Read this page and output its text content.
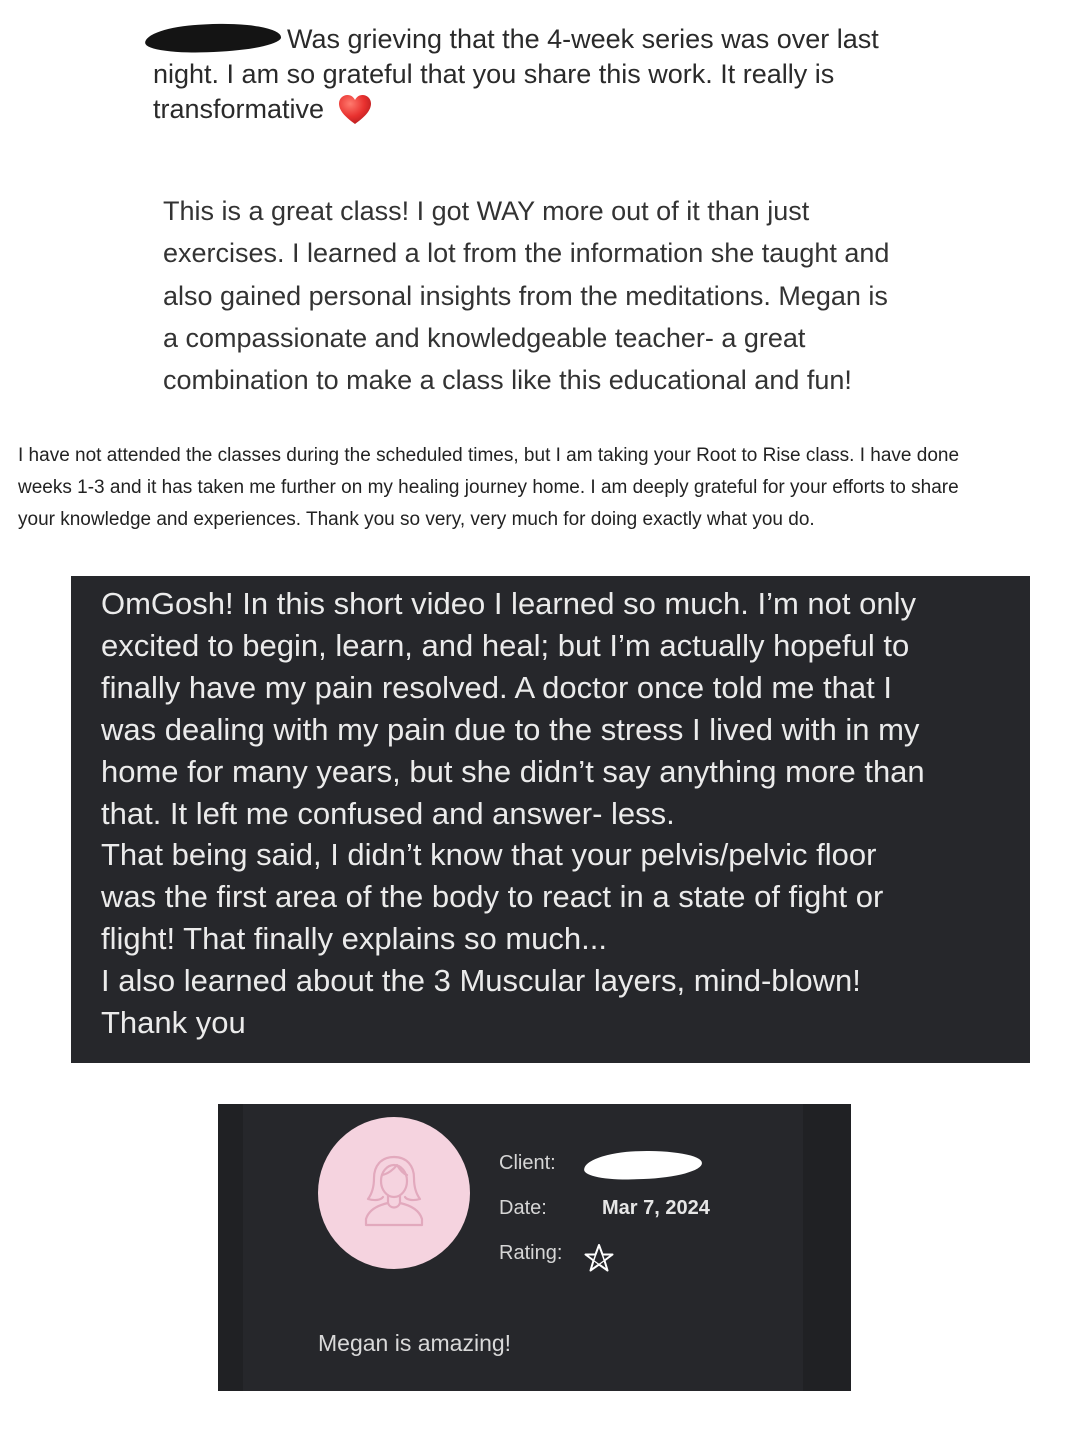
Was grieving that the 4-week series was over last
night. I am so grateful that you share this work. It really is
transformative
This is a great class! I got WAY more out of it than just
exercises. I learned a lot from the information she taught and
also gained personal insights from the meditations. Megan is
a compassionate and knowledgeable teacher- a great
combination to make a class like this educational and fun!
I have not attended the classes during the scheduled times, but I am taking your Root to Rise class. I have done
weeks 1-3 and it has taken me further on my healing journey home. I am deeply grateful for your efforts to share
your knowledge and experiences. Thank you so very, very much for doing exactly what you do.
OmGosh! In this short video I learned so much. I’m not only
excited to begin, learn, and heal; but I’m actually hopeful to
finally have my pain resolved. A doctor once told me that I
was dealing with my pain due to the stress I lived with in my
home for many years, but she didn’t say anything more than
that. It left me confused and answer- less.
That being said, I didn’t know that your pelvis/pelvic floor
was the first area of the body to react in a state of fight or
flight! That finally explains so much...
I also learned about the 3 Muscular layers, mind-blown!
Thank you
Client:
Date:	Mar 7, 2024
Rating:
Megan is amazing!
